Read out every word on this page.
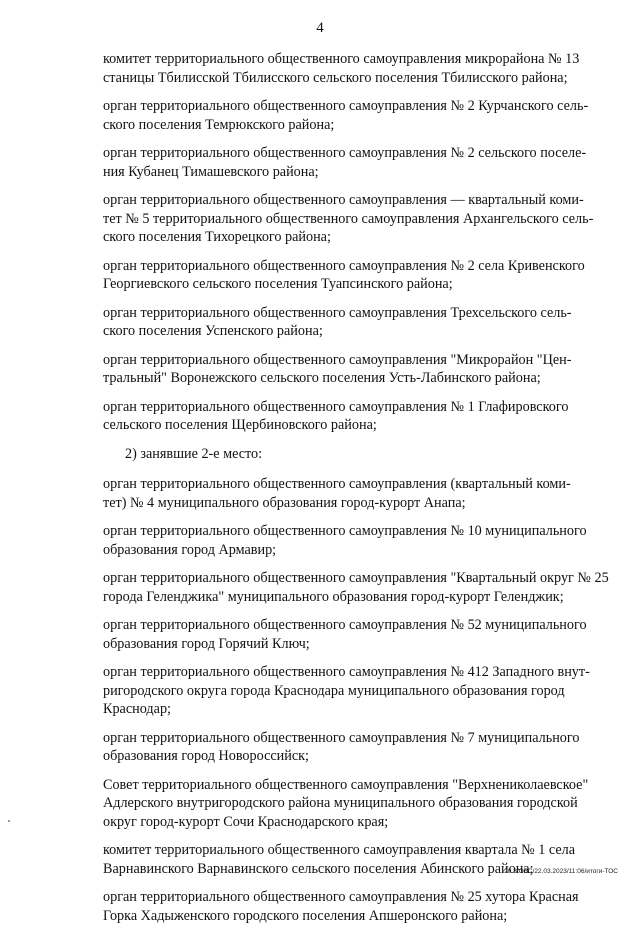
4

комитет территориального общественного самоуправления микрорайона № 13
станицы Тбилисской Тбилисского сельского поселения Тбилисского района;

орган территориального общественного самоуправления № 2 Курчанского сель-
ского поселения Темрюкского района;

орган территориального общественного самоуправления № 2 сельского поселе-
ния Кубанец Тимашевского района;

орган территориального общественного самоуправления — квартальный коми-
тет № 5 территориального общественного самоуправления Архангельского сель-
ского поселения Тихорецкого района;

орган территориального общественного самоуправления № 2 села Кривенского
Георгиевского сельского поселения Туапсинского района;

орган территориального общественного самоуправления Трехсельского сель-
ского поселения Успенского района;

орган территориального общественного самоуправления "Микрорайон "Цен-
тральный" Воронежского сельского поселения Усть-Лабинского района;

орган территориального общественного самоуправления № 1 Глафировского
сельского поселения Щербиновского района;

2) занявшие 2-е место:

орган территориального общественного самоуправления (квартальный коми-
тет) № 4 муниципального образования город-курорт Анапа;

орган территориального общественного самоуправления № 10 муниципального
образования город Армавир;

орган территориального общественного самоуправления "Квартальный округ № 25
города Геленджика" муниципального образования город-курорт Геленджик;

орган территориального общественного самоуправления № 52 муниципального
образования город Горячий Ключ;

орган территориального общественного самоуправления № 412 Западного внут-
ригородского округа города Краснодара муниципального образования город
Краснодар;

орган территориального общественного самоуправления № 7 муниципального
образования город Новороссийск;

Совет территориального общественного самоуправления "Верхнениколаевское"
Адлерского внутригородского района муниципального образования городской
округ город-курорт Сочи Краснодарского края;

комитет территориального общественного самоуправления квартала № 1 села
Варнавинского Варнавинского сельского поселения Абинского района;

орган территориального общественного самоуправления № 25 хутора Красная
Горка Хадыженского городского поселения Апшеронского района;

20.3/ОВС/22.03.2023/11:06/итоги-ТОС
